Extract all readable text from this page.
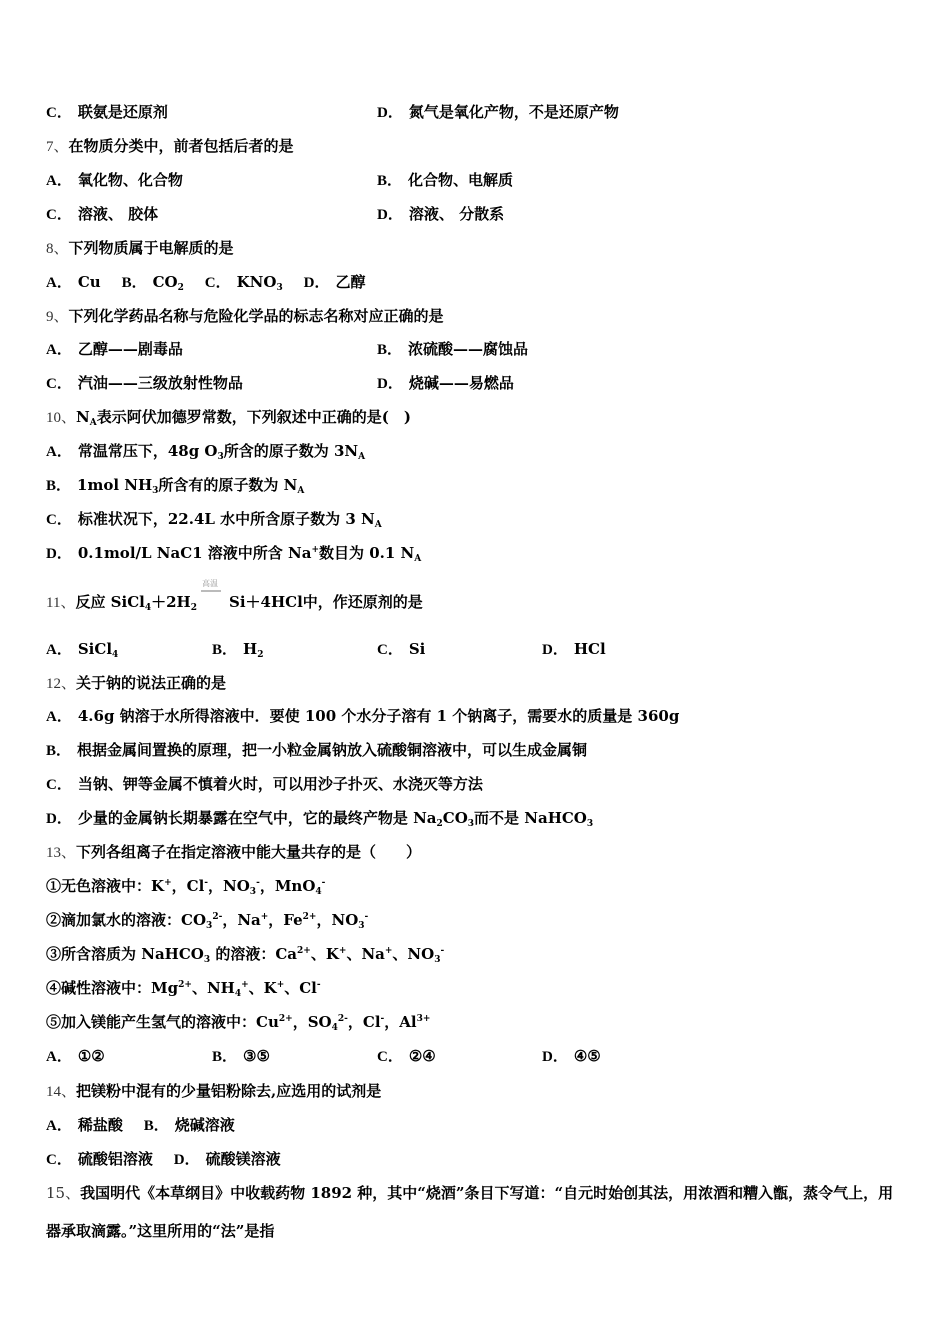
C． 联氨是还原剂	D． 氮气是氧化产物，不是还原产物
7、在物质分类中，前者包括后者的是
A． 氧化物、化合物	B． 化合物、电解质
C． 溶液、 胶体	D． 溶液、 分散系
8、下列物质属于电解质的是
A． Cu B． $CO_2$ C． $KNO_3$ D． 乙醇
9、下列化学药品名称与危险化学品的标志名称对应正确的是
A． 乙醇——剧毒品	B． 浓硫酸——腐蚀品
C． 汽油——三级放射性物品	D． 烧碱——易燃品
10、$N_A$表示阿伏加德罗常数，下列叙述中正确的是(　)
A． 常温常压下，48g $O_3$所含的原子数为 $3N_A$
B． 1mol $NH_3$所含有的原子数为 $N_A$
C． 标准状况下，22.4L 水中所含原子数为 3 $N_A$
D． 0.1mol/L NaC1 溶液中所含 Na+数目为 0.1 $N_A$
11、反应 $SiCl_4+2H_2$
高温
Si＋4HCl中，作还原剂的是
A． SiCl$_4$	B． $H_2$	C． Si	D． HCl
12、关于钠的说法正确的是
A． 4.6g 钠溶于水所得溶液中．要使 100 个水分子溶有 1 个钠离子，需要水的质量是 360g
B． 根据金属间置换的原理，把一小粒金属钠放入硫酸铜溶液中，可以生成金属铜
C． 当钠、钾等金属不慎着火时，可以用沙子扑灭、水浇灭等方法
D． 少量的金属钠长期暴露在空气中，它的最终产物是 $Na_2CO_3$而不是 NaHCO$_3$
13、下列各组离子在指定溶液中能大量共存的是（　　）
①无色溶液中：K+，Cl-，$NO_3^-$，MnO$_4$-
②滴加氯水的溶液：$CO_3^{2-}$，Na+，$Fe^{2+}$，$NO_3^-$
③所含溶质为 NaHCO$_3$ 的溶液：$Ca^{2+}$、K+、Na+、$NO_3^-$
④碱性溶液中：$Mg^{2+}$、$NH_4^+$、K+、Cl-
⑤加入镁能产生氢气的溶液中：$Cu^{2+}$，$SO_4^{2-}$，Cl-，$Al^{3+}$
A． ①②	B． ③⑤	C． ②④	D． ④⑤
14、把镁粉中混有的少量铝粉除去,应选用的试剂是
A． 稀盐酸 B． 烧碱溶液
C． 硫酸铝溶液 D． 硫酸镁溶液
15、我国明代《本草纲目》中收载药物 1892 种，其中“烧酒”条目下写道：“自元时始创其法，用浓酒和糟入甑，蒸令气上，用器承取滴露。”这里所用的“法”是指
